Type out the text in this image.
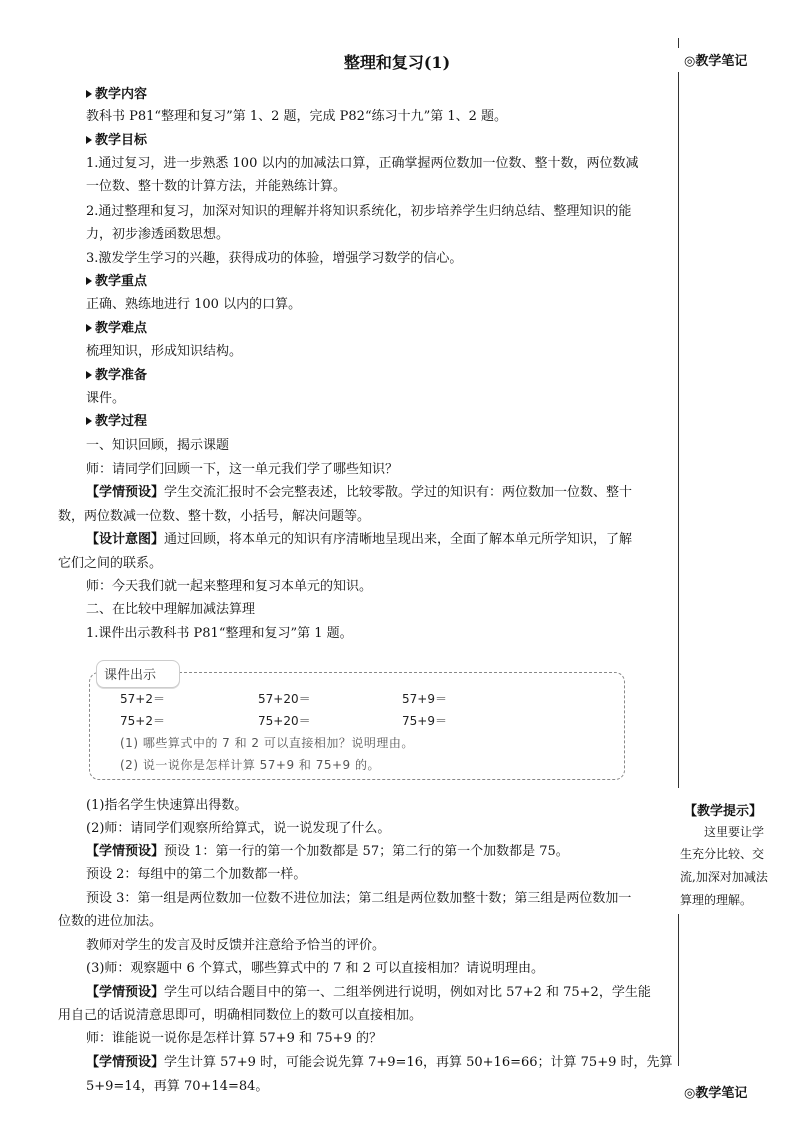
整理和复习(1)	◎教学笔记
【教学提示】
这里要让学
生充分比较、交
流,加深对加减法
算理的理解。
◎教学笔记
教学内容
教科书 P81“整理和复习”第 1、2 题，完成 P82“练习十九”第 1、2 题。
教学目标
1.通过复习，进一步熟悉 100 以内的加减法口算，正确掌握两位数加一位数、整十数，两位数减
一位数、整十数的计算方法，并能熟练计算。
2.通过整理和复习，加深对知识的理解并将知识系统化，初步培养学生归纳总结、整理知识的能
力，初步渗透函数思想。
3.激发学生学习的兴趣，获得成功的体验，增强学习数学的信心。
教学重点
正确、熟练地进行 100 以内的口算。
教学难点
梳理知识，形成知识结构。
教学准备
课件。
教学过程
一、知识回顾，揭示课题
师：请同学们回顾一下，这一单元我们学了哪些知识？
【学情预设】学生交流汇报时不会完整表述，比较零散。学过的知识有：两位数加一位数、整十
数，两位数减一位数、整十数，小括号，解决问题等。
【设计意图】通过回顾，将本单元的知识有序清晰地呈现出来，全面了解本单元所学知识，了解
它们之间的联系。
师：今天我们就一起来整理和复习本单元的知识。
二、在比较中理解加减法算理
1.课件出示教科书 P81“整理和复习”第 1 题。
课件出示
57+2＝	57+20＝	57+9＝
75+2＝	75+20＝	75+9＝
(1) 哪些算式中的 7 和 2 可以直接相加？说明理由。
(2) 说一说你是怎样计算 57+9 和 75+9 的。
(1)指名学生快速算出得数。
(2)师：请同学们观察所给算式，说一说发现了什么。
【学情预设】预设 1：第一行的第一个加数都是 57；第二行的第一个加数都是 75。
预设 2：每组中的第二个加数都一样。
预设 3：第一组是两位数加一位数不进位加法；第二组是两位数加整十数；第三组是两位数加一
位数的进位加法。
教师对学生的发言及时反馈并注意给予恰当的评价。
(3)师：观察题中 6 个算式，哪些算式中的 7 和 2 可以直接相加？请说明理由。
【学情预设】学生可以结合题目中的第一、二组举例进行说明，例如对比 57+2 和 75+2，学生能
用自己的话说清意思即可，明确相同数位上的数可以直接相加。
师：谁能说一说你是怎样计算 57+9 和 75+9 的？
【学情预设】学生计算 57+9 时，可能会说先算 7+9=16，再算 50+16=66；计算 75+9 时，先算
5+9=14，再算 70+14=84。
